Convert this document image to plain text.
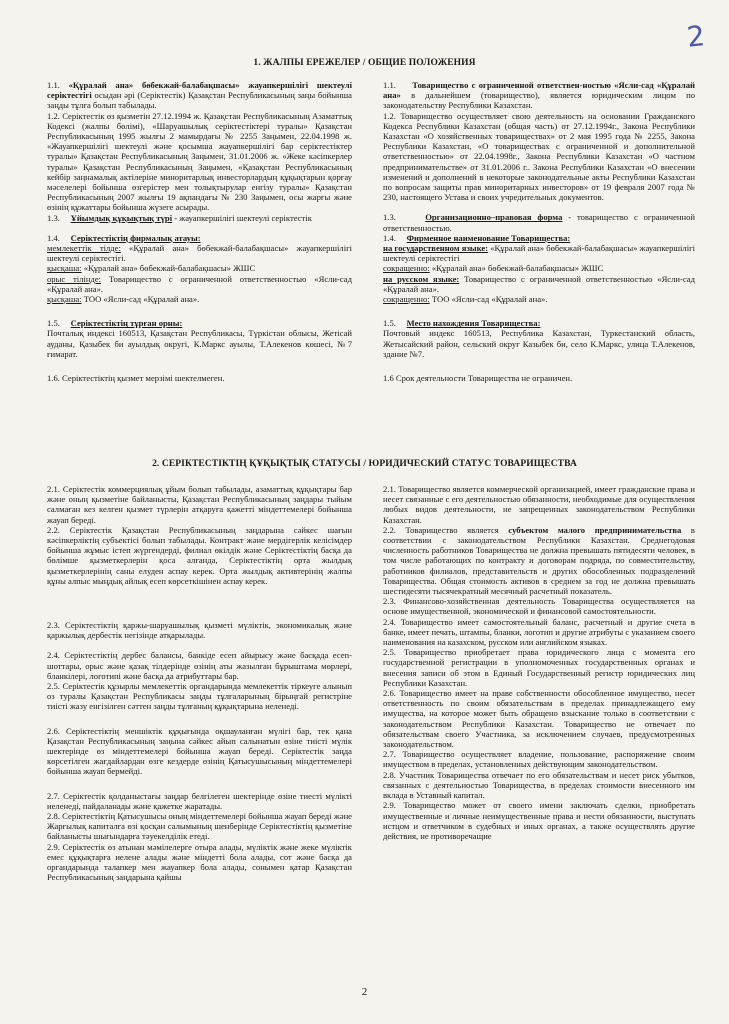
2
1. ЖАЛПЫ ЕРЕЖЕЛЕР / ОБЩИЕ ПОЛОЖЕНИЯ

1.1. «Құралай ана» бөбекжай-балабақшасы» жауапкершілігі шектеулі серіктестігі осыдан әрі (Серіктестік) Қазақстан Республикасының заңы бойынша заңды тұлға болып табылады.

1.2. Серіктестік өз қызметін 27.12.1994 ж. Қазақстан Республикасының Азаматтық Кодексі (жалпы бөлімі), «Шаруашылық серіктестіктері туралы» Қазақстан Республикасының 1995 жылғы 2 мамырдағы № 2255 Заңымен, 22.04.1998 ж. «Жауапкершілігі шектеулі және қосымша жауапкершілігі бар серіктестіктер туралы» Қазақстан Республикасының Заңымен, 31.01.2006 ж. «Жеке кәсіпкерлер туралы» Қазақстан Республикасының Заңымен, «Қазақстан Республикасының кейбір заңнамалық актілеріне миноритарлық инвесторлардың құқықтарын қорғау мәселелері бойынша өзгерістер мен толықтырулар енгізу туралы» Қазақстан Республикасының 2007 жылғы 19 ақпандағы № 230 Заңымен, осы жарғы және өзінің құжаттары бойынша жүзеге асырады.

1.3. Ұйымдық құқықтық түрі - жауапкершілігі шектеулі серіктестік

1.4. Серіктестіктің фирмалық атауы:

мемлекеттік тілде: «Құралай ана» бөбекжай-балабақшасы» жауапкершілігі шектеулі серіктестігі.

қысқаша: «Құралай ана» бөбекжай-балабақшасы» ЖШС

орыс тілінде: Товарищество с ограниченной ответственностью «Ясли-сад «Құралай ана».

қысқаша: ТОО «Ясли-сад «Құралай ана».

1.5. Серіктестіктің тұрған орны:

Почталық индексі 160513, Қазақстан Республикасы, Түркістан облысы, Жетісай ауданы, Қазыбек би ауылдық округі, К.Маркс ауылы, Т.Алекенов көшесі, №7 ғимарат.

1.6. Серіктестіктің қызмет мерзімі шектелмеген.

1.1. Товарищество с ограниченной ответствен-ностью «Ясли-сад «Құралай ана» в дальнейшем (товарищество), является юридическим лицом по законодательству Республики Казахстан.

1.2. Товарищество осуществляет свою деятельность на основании Гражданского Кодекса Республики Казахстан (общая часть) от 27.12.1994г., Закона Республики Казахстан «О хозяйственных товариществах» от 2 мая 1995 года № 2255, Закона Республики Казахстан, «О товариществах с ограниченной и дополнительной ответственностью» от 22.04.1998г., Закона Республики Казахстан «О частном предпринимательстве» от 31.01.2006 г.. Закона Республики Казахстан «О внесении изменений и дополнений в некоторые законодательные акты Республики Казахстан по вопросам защиты прав миноритарных инвесторов» от 19 февраля 2007 года № 230, настоящего Устава и своих учредительных документов.

1.3.	Организационно–правовая форма - товарищество с ограниченной ответственностью.

1.4. Фирменное наименование Товарищества:

на государственном языке: «Құралай ана» бөбекжай-балабақшасы» жауапкершілігі шектеулі серіктестігі

сокращенно: «Құралай ана» бөбекжай-балабақшасы» ЖШС

на русском языке: Товарищество с ограниченной ответственностью «Ясли-сад «Құралай ана».

сокращенно: ТОО «Ясли-сад «Құралай ана».

1.5. Место нахождения Товарищества:

Почтовый индекс 160513, Республика Казахстан, Туркестанский область, Жетысайский район, сельский округ Казыбек би, село К.Маркс, улица Т.Алекенов, здание №7.

1.6 Срок деятельности Товарищества не ограничен.

2. СЕРІКТЕСТІКТІҢ ҚҰҚЫҚТЫҚ СТАТУСЫ / ЮРИДИЧЕСКИЙ СТАТУС ТОВАРИЩЕСТВА

2.1. Серіктестік коммерциялық ұйым болып табылады, азаматтық құқықтары бар және оның қызметіне байланысты, Қазақстан Республикасының заңдары тыйым салмаған кез келген қызмет түрлерін атқаруға қажетті міндеттемелері бойынша жауап береді.

2.2. Серіктестік Қазақстан Республикасының заңдарына сәйкес шағын кәсіпкерліктің субъектісі болып табылады. Контракт және мердігерлік келісімдер бойынша жұмыс істеп жүргендерді, филиал өкілдік және Серіктестіктің басқа да бөлімше қызметкерлерін қоса алғанда, Серіктестіктің орта жылдық қызметкерлерінің саны елуден аспау керек. Орта жылдық активтерінің жалпы құны алпыс мыңдық айлық есеп көрсеткішінен аспау керек.

2.3. Серіктестіктің қаржы-шаруашылық қызметі мүліктік, экономикалық және қаржылық дербестік негізінде атқарылады.

2.4. Серіктестіктің дербес балансы, банкіде есеп айырысу және басқада есеп-шоттары, орыс және қазақ тілдерінде өзінің аты жазылған бұрыштама мөрлері, бланкілері, логотипі және басқа да атрибуттары бар.

2.5. Серіктестік құзырлы мемлекеттік органдарында мемлекеттік тіркеуге алынып оз туралы Қазақстан Республикасы заңды тұлғаларының бірыңғай регистріне тиісті жазу енгізілген сәттен заңды тұлғаның құқықтарына иеленеді.

2.6. Серіктестіктің меншіктік құқығында оқшауланған мүлігі бар, тек қана Қазақстан Республикасының заңына сәйкес айып салынатын өзіне тиісті мүлік шектерінде өз міндеттемелері бойынша жауап береді. Серіктестік заңда көрсетілген жағдайлардан өзге кездерде өзінің Қатысушысының міндеттемелері бойынша жауап бермейді.

2.7. Серіктестік қолданыстағы заңдар белгілеген шектерінде өзіне тиесті мүлікті иеленеді, пайдаланады және қажетке жаратады.

2.8. Серіктестіктің Қатысушысы оның міндеттемелері бойынша жауап береді және Жарғылық капиталға өзі қосқан салымының шенберінде Серіктестіктің қызметіне байланысты шығындарға тәуекелділік етеді.

2.9. Серіктестік өз атынан мәмілелерге отыра алады, мүліктік және жеке мүліктік емес құқықтарға иелене алады және міндетті бола алады, сот және басқа да органдарында талапкер мен жауапкер бола алады, сонымен қатар Қазақстан Республикасының заңдарына қайшы

2.1. Товарищество является коммерческой организацией, имеет гражданские права и несет связанные с его деятельностью обязанности, необходимые для осуществления любых видов деятельности, не запрещенных законодательством Республики Казахстан.

2.2. Товарищество является субъектом малого предпринимательства в соответствии с законодательством Республики Казахстан. Среднегодовая численность работников Товарищества не должна превышать пятидесяти человек, в том числе работающих по контракту и договорам подряда, по совместительству, работников филиалов, представительств и других обособленных подразделений Товарищества. Общая стоимость активов в среднем за год не должна превышать шестидесяти тысячекратный месячный расчетный показатель.

2.3. Финансово-хозяйственная деятельность Товарищества осуществляется на основе имущественной, экономической и финансовой самостоятельности.

2.4. Товарищество имеет самостоятельный баланс, расчетный и другие счета в банке, имеет печать, штампы, бланки, логотип и другие атрибуты с указанием своего наименования на казахском, русском или английском языках.

2.5. Товарищество приобретает права юридического лица с момента его государственной регистрации в уполномоченных государственных органах и внесения записи об этом в Единый Государственный регистр юридических лиц Республики Казахстан.

2.6. Товарищество имеет на праве собственности обособленное имущество, несет ответственность по своим обязательствам в пределах принадлежащего ему имущества, на которое может быть обращено взыскание только в соответствии с законодательством Республики Казахстан. Товарищество не отвечает по обязательствам своего Участника, за исключением случаев, предусмотренных законодательством.

2.7. Товарищество осуществляет владение, пользование, распоряжение своим имуществом в пределах, установленных действующим законодательством.

2.8. Участник Товарищества отвечает по его обязательствам и несет риск убытков, связанных с деятельностью Товарищества, в пределах стоимости внесенного им вклада в Уставный капитал.

2.9. Товарищество может от своего имени заключать сделки, приобретать имущественные и личные неимущественные права и нести обязанности, выступать истцом и ответчиком в судебных и иных органах, а также осуществлять другие действия, не противоречащие

2
